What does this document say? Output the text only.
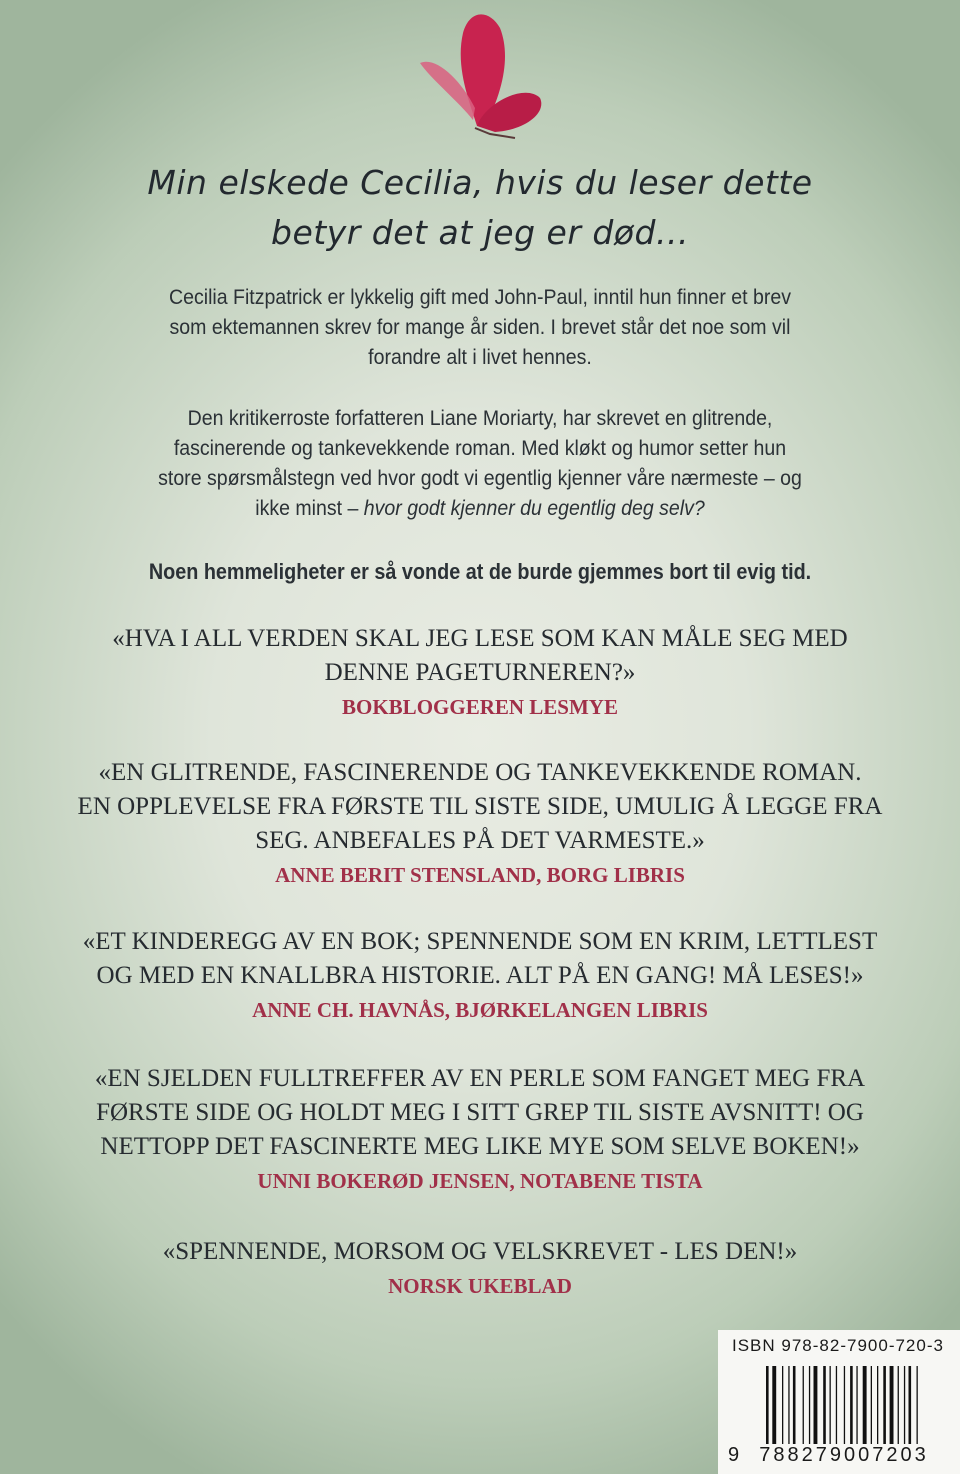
Min elskede Cecilia, hvis du leser dette
betyr det at jeg er død...
Cecilia Fitzpatrick er lykkelig gift med John-Paul, inntil hun finner et brev
som ektemannen skrev for mange år siden. I brevet står det noe som vil
forandre alt i livet hennes.
Den kritikerroste forfatteren Liane Moriarty, har skrevet en glitrende,
fascinerende og tankevekkende roman. Med kløkt og humor setter hun
store spørsmålstegn ved hvor godt vi egentlig kjenner våre nærmeste – og
ikke minst – hvor godt kjenner du egentlig deg selv?
Noen hemmeligheter er så vonde at de burde gjemmes bort til evig tid.
«HVA I ALL VERDEN SKAL JEG LESE SOM KAN MÅLE SEG MED
DENNE PAGETURNEREN?»
BOKBLOGGEREN LESMYE
«EN GLITRENDE, FASCINERENDE OG TANKEVEKKENDE ROMAN.
EN OPPLEVELSE FRA FØRSTE TIL SISTE SIDE, UMULIG Å LEGGE FRA
SEG. ANBEFALES PÅ DET VARMESTE.»
ANNE BERIT STENSLAND, BORG LIBRIS
«ET KINDEREGG AV EN BOK; SPENNENDE SOM EN KRIM, LETTLEST
OG MED EN KNALLBRA HISTORIE. ALT PÅ EN GANG! MÅ LESES!»
ANNE CH. HAVNÅS, BJØRKELANGEN LIBRIS
«EN SJELDEN FULLTREFFER AV EN PERLE SOM FANGET MEG FRA
FØRSTE SIDE OG HOLDT MEG I SITT GREP TIL SISTE AVSNITT! OG
NETTOPP DET FASCINERTE MEG LIKE MYE SOM SELVE BOKEN!»
UNNI BOKERØD JENSEN, NOTABENE TISTA
«SPENNENDE, MORSOM OG VELSKREVET - LES DEN!»
NORSK UKEBLAD
ISBN 978-82-7900-720-3
9 788279007203
